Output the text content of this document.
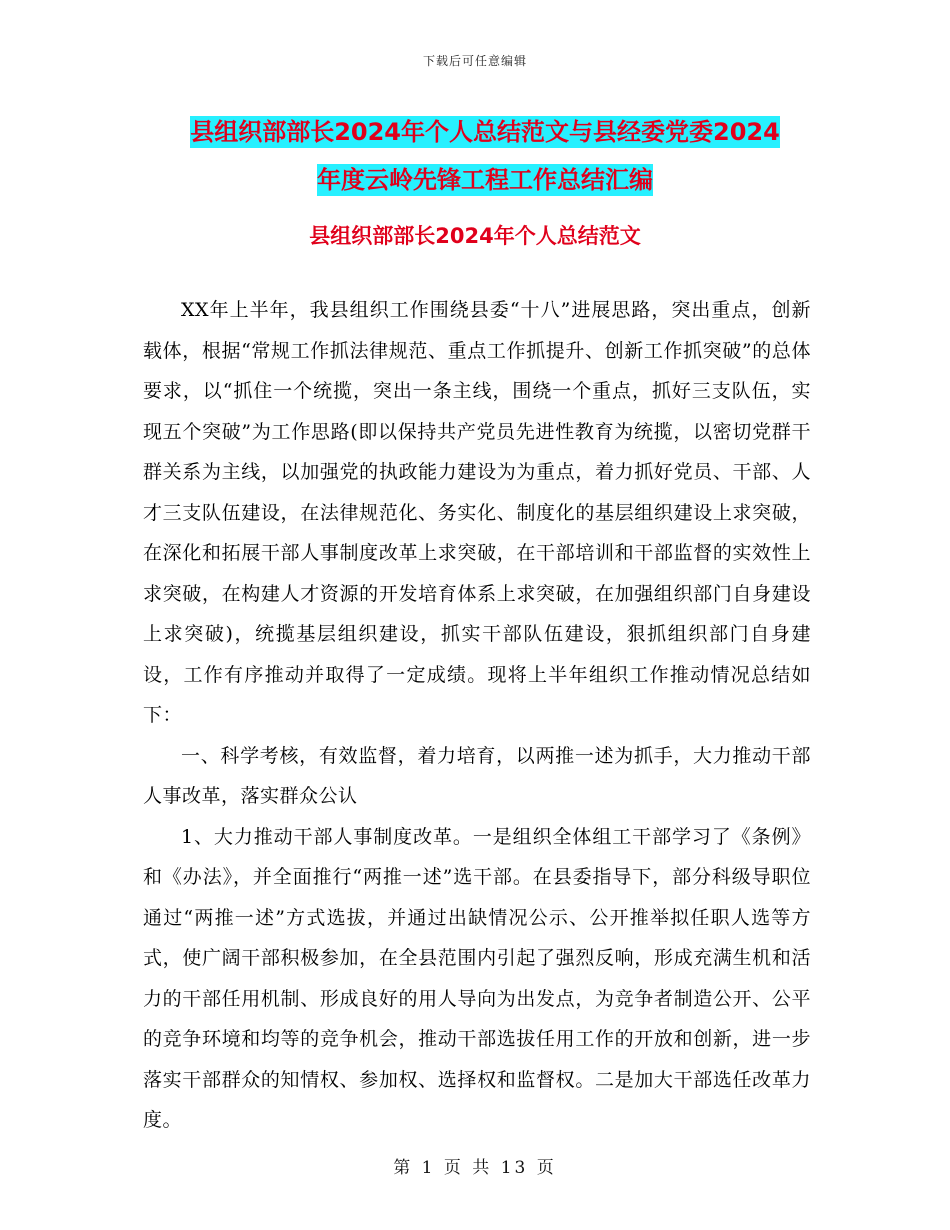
下载后可任意编辑
县组织部部长2024年个人总结范文与县经委党委2024
年度云岭先锋工程工作总结汇编
县组织部部长2024年个人总结范文

XX年上半年，我县组织工作围绕县委“十八”进展思路，突出重点，创新载体，根据“常规工作抓法律规范、重点工作抓提升、创新工作抓突破”的总体要求，以“抓住一个统揽，突出一条主线，围绕一个重点，抓好三支队伍，实现五个突破”为工作思路(即以保持共产党员先进性教育为统揽，以密切党群干群关系为主线，以加强党的执政能力建设为为重点，着力抓好党员、干部、人才三支队伍建设，在法律规范化、务实化、制度化的基层组织建设上求突破，在深化和拓展干部人事制度改革上求突破，在干部培训和干部监督的实效性上求突破，在构建人才资源的开发培育体系上求突破，在加强组织部门自身建设上求突破)，统揽基层组织建设，抓实干部队伍建设，狠抓组织部门自身建设，工作有序推动并取得了一定成绩。现将上半年组织工作推动情况总结如下：

一、科学考核，有效监督，着力培育，以两推一述为抓手，大力推动干部人事改革，落实群众公认

1、大力推动干部人事制度改革。一是组织全体组工干部学习了《条例》和《办法》，并全面推行“两推一述”选干部。在县委指导下，部分科级导职位通过“两推一述”方式选拔，并通过出缺情况公示、公开推举拟任职人选等方式，使广阔干部积极参加，在全县范围内引起了强烈反响，形成充满生机和活力的干部任用机制、形成良好的用人导向为出发点，为竞争者制造公开、公平的竞争环境和均等的竞争机会，推动干部选拔任用工作的开放和创新，进一步落实干部群众的知情权、参加权、选择权和监督权。二是加大干部选任改革力度。

第 1 页 共 13 页
